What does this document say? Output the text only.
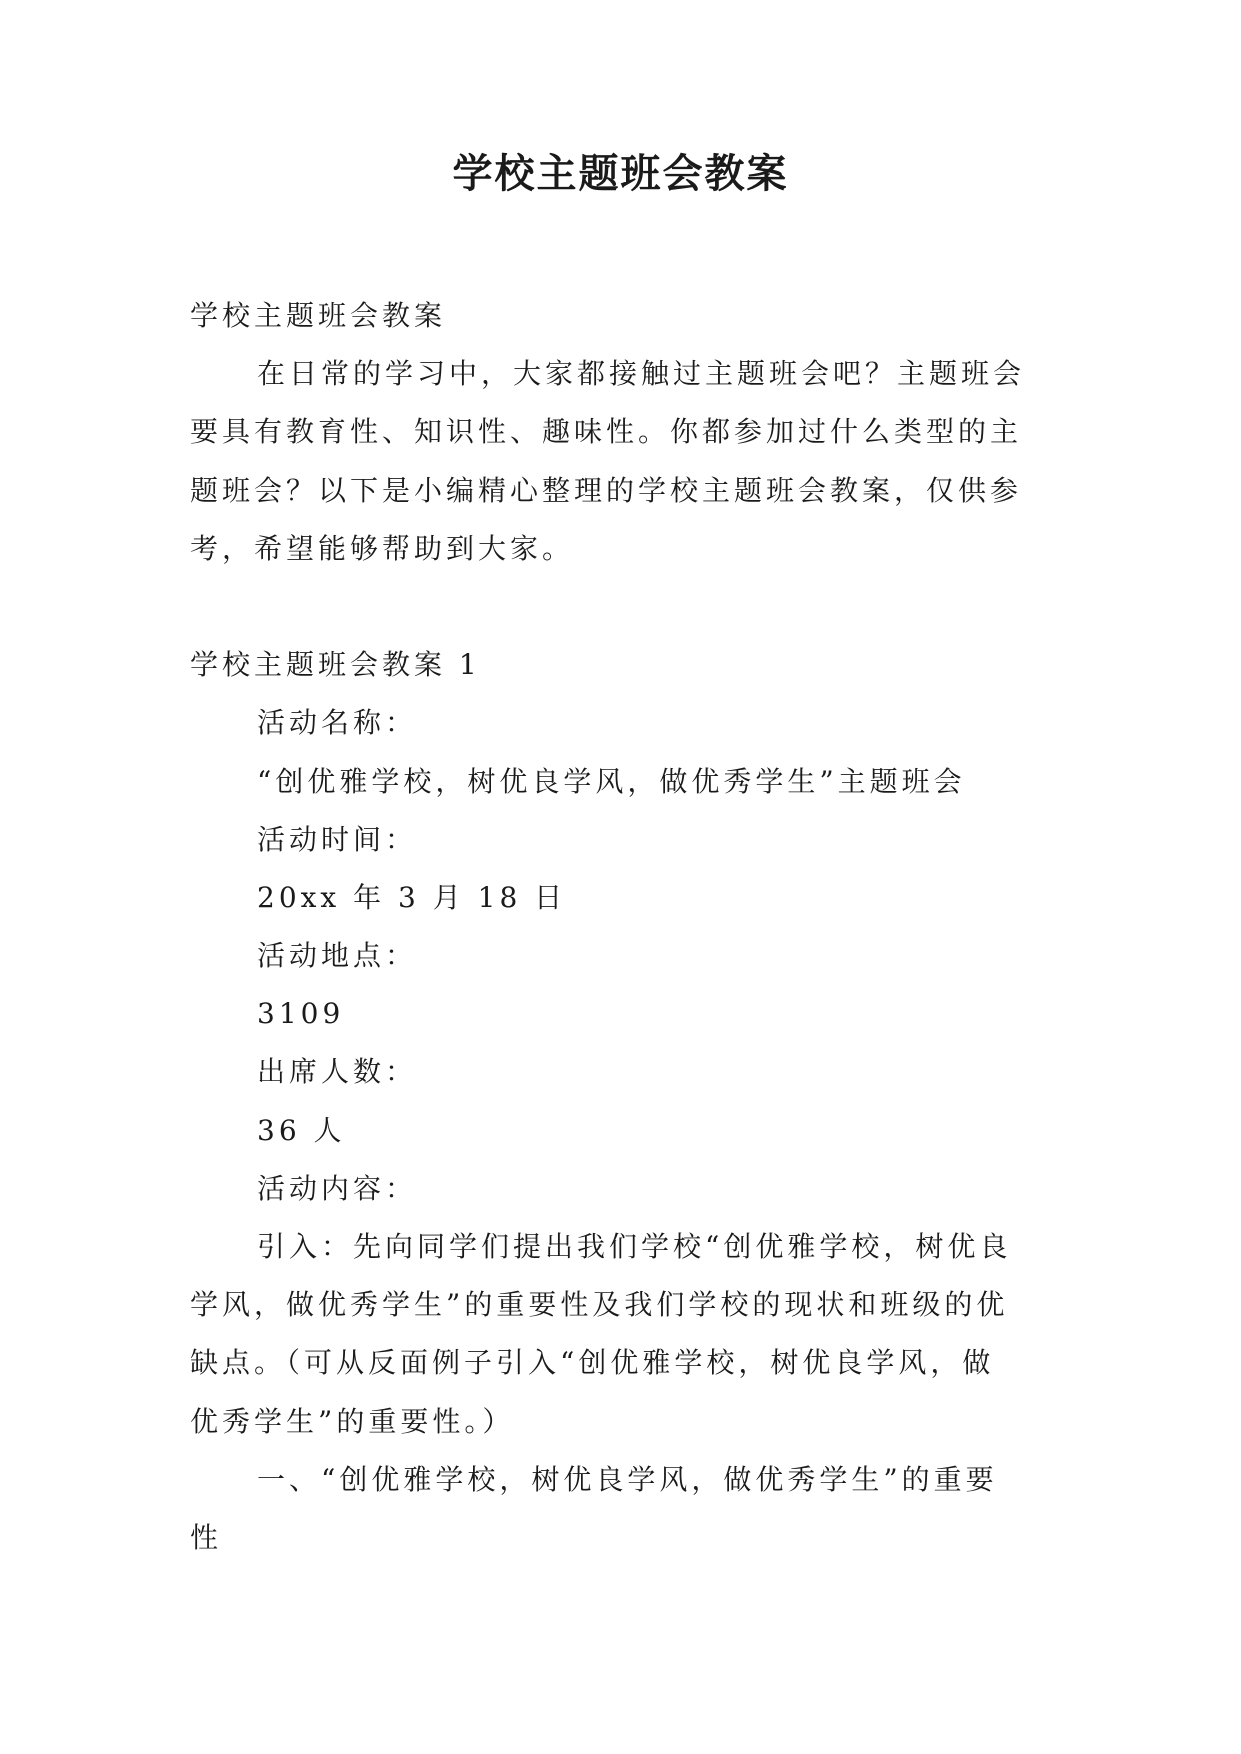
学校主题班会教案
学校主题班会教案
在日常的学习中，大家都接触过主题班会吧？主题班会
要具有教育性、知识性、趣味性。你都参加过什么类型的主
题班会？以下是小编精心整理的学校主题班会教案，仅供参
考，希望能够帮助到大家。
学校主题班会教案 1
活动名称：
“创优雅学校，树优良学风，做优秀学生”主题班会
活动时间：
20xx 年 3 月 18 日
活动地点：
3109
出席人数：
36 人
活动内容：
引入：先向同学们提出我们学校“创优雅学校，树优良
学风，做优秀学生”的重要性及我们学校的现状和班级的优
缺点。（可从反面例子引入“创优雅学校，树优良学风，做
优秀学生”的重要性。）
一、“创优雅学校，树优良学风，做优秀学生”的重要
性
